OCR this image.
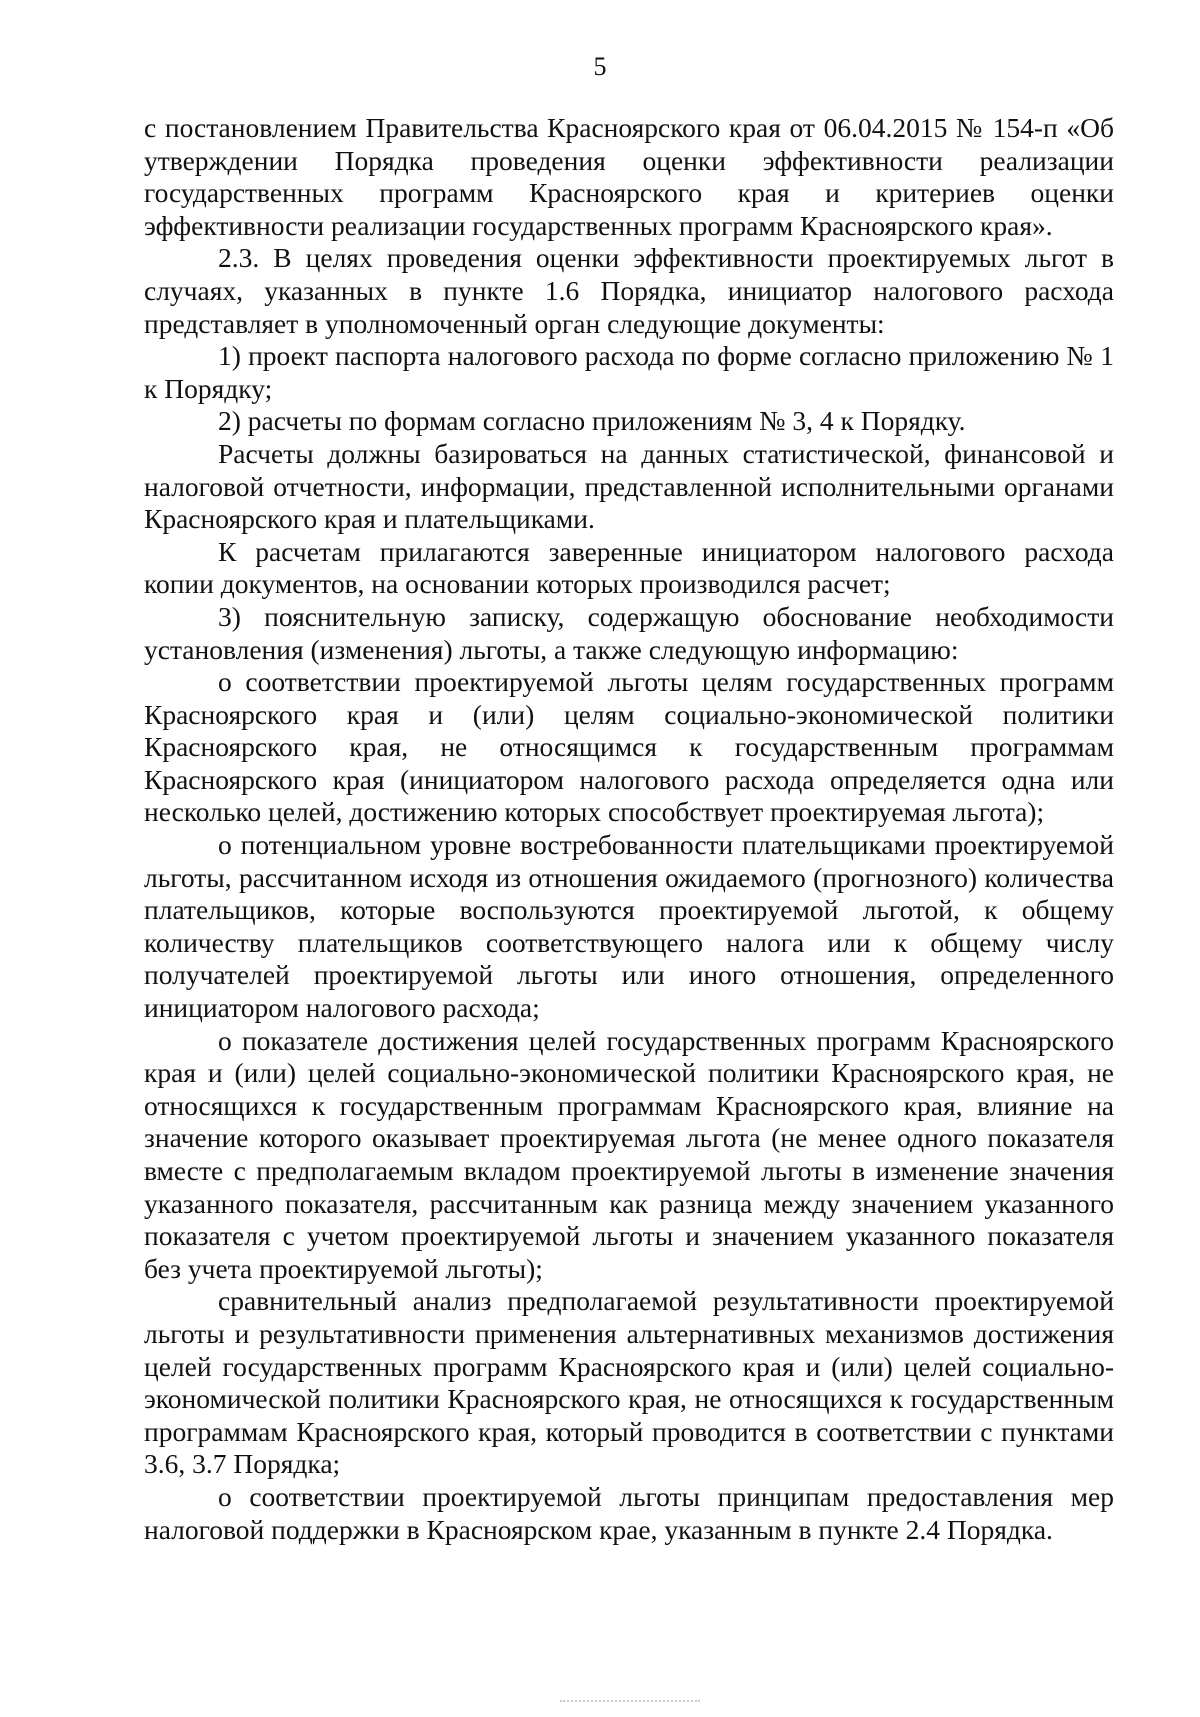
5

с постановлением Правительства Красноярского края от 06.04.2015 № 154-п «Об утверждении Порядка проведения оценки эффективности реализации государственных программ Красноярского края и критериев оценки эффективности реализации государственных программ Красноярского края».

2.3. В целях проведения оценки эффективности проектируемых льгот в случаях, указанных в пункте 1.6 Порядка, инициатор налогового расхода представляет в уполномоченный орган следующие документы:

1) проект паспорта налогового расхода по форме согласно приложению № 1 к Порядку;

2) расчеты по формам согласно приложениям № 3, 4 к Порядку.

Расчеты должны базироваться на данных статистической, финансовой и налоговой отчетности, информации, представленной исполнительными органами Красноярского края и плательщиками.

К расчетам прилагаются заверенные инициатором налогового расхода копии документов, на основании которых производился расчет;

3) пояснительную записку, содержащую обоснование необходимости установления (изменения) льготы, а также следующую информацию:

о соответствии проектируемой льготы целям государственных программ Красноярского края и (или) целям социально-экономической политики Красноярского края, не относящимся к государственным программам Красноярского края (инициатором налогового расхода определяется одна или несколько целей, достижению которых способствует проектируемая льгота);

о потенциальном уровне востребованности плательщиками проектируемой льготы, рассчитанном исходя из отношения ожидаемого (прогнозного) количества плательщиков, которые воспользуются проектируемой льготой, к общему количеству плательщиков соответствующего налога или к общему числу получателей проектируемой льготы или иного отношения, определенного инициатором налогового расхода;

о показателе достижения целей государственных программ Красноярского края и (или) целей социально-экономической политики Красноярского края, не относящихся к государственным программам Красноярского края, влияние на значение которого оказывает проектируемая льгота (не менее одного показателя вместе с предполагаемым вкладом проектируемой льготы в изменение значения указанного показателя, рассчитанным как разница между значением указанного показателя с учетом проектируемой льготы и значением указанного показателя без учета проектируемой льготы);

сравнительный анализ предполагаемой результативности проектируемой льготы и результативности применения альтернативных механизмов достижения целей государственных программ Красноярского края и (или) целей социально-экономической политики Красноярского края, не относящихся к государственным программам Красноярского края, который проводится в соответствии с пунктами 3.6, 3.7 Порядка;

о соответствии проектируемой льготы принципам предоставления мер налоговой поддержки в Красноярском крае, указанным в пункте 2.4 Порядка.
